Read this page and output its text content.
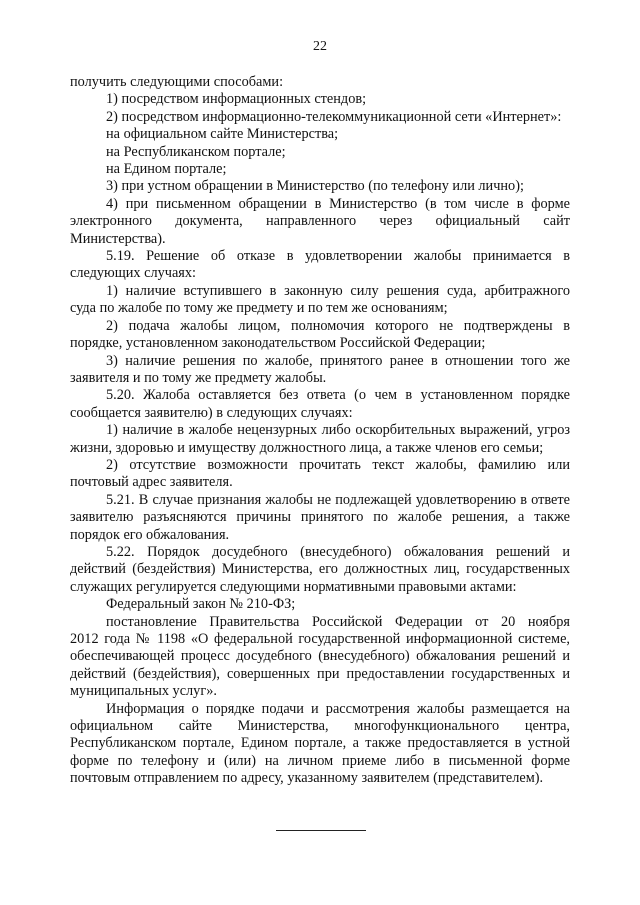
22

получить следующими способами:

1) посредством информационных стендов;

2) посредством информационно-телекоммуникационной сети «Интернет»:

на официальном сайте Министерства;

на Республиканском портале;

на Едином портале;

3) при устном обращении в Министерство (по телефону или лично);

4) при письменном обращении в Министерство (в том числе в форме

электронного документа, направленного через официальный сайт

Министерства).

5.19. Решение об отказе в удовлетворении жалобы принимается в

следующих случаях:

1) наличие вступившего в законную силу решения суда, арбитражного

суда по жалобе по тому же предмету и по тем же основаниям;

2) подача жалобы лицом, полномочия которого не подтверждены в

порядке, установленном законодательством Российской Федерации;

3) наличие решения по жалобе, принятого ранее в отношении того же

заявителя и по тому же предмету жалобы.

5.20. Жалоба оставляется без ответа (о чем в установленном порядке

сообщается заявителю) в следующих случаях:

1) наличие в жалобе нецензурных либо оскорбительных выражений, угроз

жизни, здоровью и имуществу должностного лица, а также членов его семьи;

2) отсутствие возможности прочитать текст жалобы, фамилию или

почтовый адрес заявителя.

5.21. В случае признания жалобы не подлежащей удовлетворению в ответе

заявителю разъясняются причины принятого по жалобе решения, а также

порядок его обжалования.

5.22. Порядок досудебного (внесудебного) обжалования решений и

действий (бездействия) Министерства, его должностных лиц, государственных

служащих регулируется следующими нормативными правовыми актами:

Федеральный закон № 210-ФЗ;

постановление Правительства Российской Федерации от 20 ноября

2012 года № 1198 «О федеральной государственной информационной системе,

обеспечивающей процесс досудебного (внесудебного) обжалования решений и

действий (бездействия), совершенных при предоставлении государственных и

муниципальных услуг».

Информация о порядке подачи и рассмотрения жалобы размещается на

официальном сайте Министерства, многофункционального центра,

Республиканском портале, Едином портале, а также предоставляется в устной

форме по телефону и (или) на личном приеме либо в письменной форме

почтовым отправлением по адресу, указанному заявителем (представителем).
